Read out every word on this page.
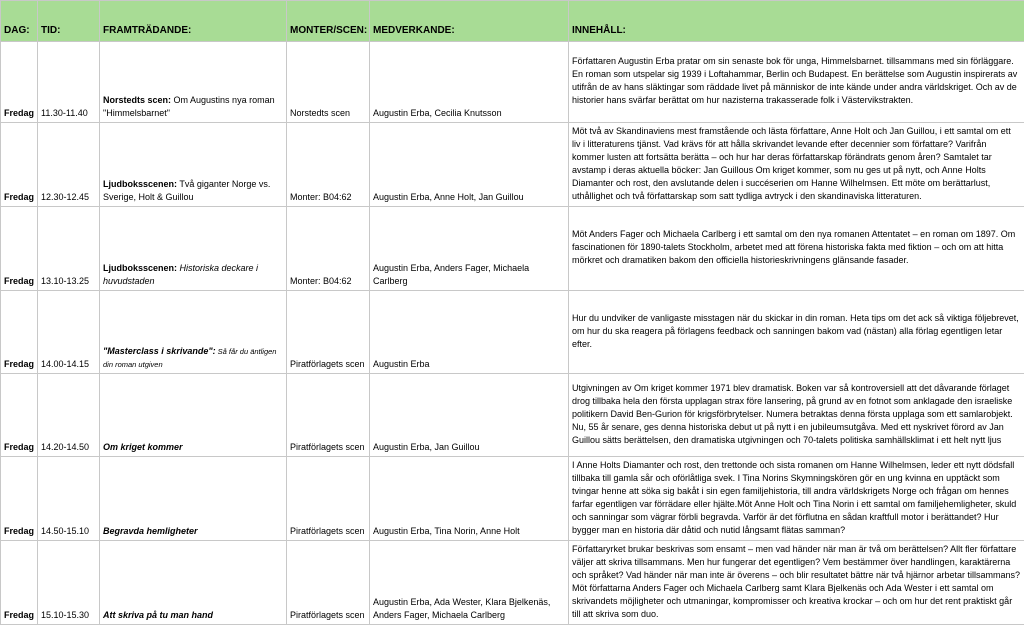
DAG:	TID:	FRAMTRÄDANDE:	MONTER/SCEN:	MEDVERKANDE:	INNEHÅLL:
Fredag	11.30-11.40	Norstedts scen: Om Augustins nya roman "Himmelsbarnet"	Norstedts scen	Augustin Erba, Cecilia Knutsson	Författaren Augustin Erba pratar om sin senaste bok för unga, Himmelsbarnet. tillsammans med sin förläggare. En roman som utspelar sig 1939 i Loftahammar, Berlin och Budapest. En berättelse som Augustin inspirerats av utifrån de av hans släktingar som räddade livet på människor de inte kände under andra världskriget. Och av de historier hans svärfar berättat om hur nazisterna trakasserade folk i Västervikstrakten.
Fredag	12.30-12.45	Ljudboksscenen: Två giganter Norge vs. Sverige, Holt & Guillou	Monter: B04:62	Augustin Erba, Anne Holt, Jan Guillou	Möt två av Skandinaviens mest framstående och lästa författare, Anne Holt och Jan Guillou, i ett samtal om ett liv i litteraturens tjänst. Vad krävs för att hålla skrivandet levande efter decennier som författare? Varifrån kommer lusten att fortsätta berätta – och hur har deras författarskap förändrats genom åren? Samtalet tar avstamp i deras aktuella böcker: Jan Guillous Om kriget kommer, som nu ges ut på nytt, och Anne Holts Diamanter och rost, den avslutande delen i succéserien om Hanne Wilhelmsen. Ett möte om berättarlust, uthållighet och två författarskap som satt tydliga avtryck i den skandinaviska litteraturen.
Fredag	13.10-13.25	Ljudboksscenen: Historiska deckare i huvudstaden	Monter: B04:62	Augustin Erba, Anders Fager, Michaela Carlberg	Möt Anders Fager och Michaela Carlberg i ett samtal om den nya romanen Attentatet – en roman om 1897. Om fascinationen för 1890-talets Stockholm, arbetet med att förena historiska fakta med fiktion – och om att hitta mörkret och dramatiken bakom den officiella historieskrivningens glänsande fasader.
Fredag	14.00-14.15	"Masterclass i skrivande": Så får du äntligen din roman utgiven	Piratförlagets scen	Augustin Erba	Hur du undviker de vanligaste misstagen när du skickar in din roman. Heta tips om det ack så viktiga följebrevet, om hur du ska reagera på förlagens feedback och sanningen bakom vad (nästan) alla förlag egentligen letar efter.
Fredag	14.20-14.50	Om kriget kommer	Piratförlagets scen	Augustin Erba, Jan Guillou	Utgivningen av Om kriget kommer 1971 blev dramatisk. Boken var så kontroversiell att det dåvarande förlaget drog tillbaka hela den första upplagan strax före lansering, på grund av en fotnot som anklagade den israeliske politikern David Ben-Gurion för krigsförbrytelser. Numera betraktas denna första upplaga som ett samlarobjekt. Nu, 55 år senare, ges denna historiska debut ut på nytt i en jubileumsutgåva. Med ett nyskrivet förord av Jan Guillou sätts berättelsen, den dramatiska utgivningen och 70-talets politiska samhällsklimat i ett helt nytt ljus
Fredag	14.50-15.10	Begravda hemligheter	Piratförlagets scen	Augustin Erba, Tina Norin, Anne Holt	I Anne Holts Diamanter och rost, den trettonde och sista romanen om Hanne Wilhelmsen, leder ett nytt dödsfall tillbaka till gamla sår och oförlåtliga svek. I Tina Norins Skymningskören gör en ung kvinna en upptäckt som tvingar henne att söka sig bakåt i sin egen familjehistoria, till andra världskrigets Norge och frågan om hennes farfar egentligen var förrädare eller hjälte.Möt Anne Holt och Tina Norin i ett samtal om familjehemligheter, skuld och sanningar som vägrar förbli begravda. Varför är det förflutna en sådan kraftfull motor i berättandet? Hur bygger man en historia där dåtid och nutid långsamt flätas samman?
Fredag	15.10-15.30	Att skriva på tu man hand	Piratförlagets scen	Augustin Erba, Ada Wester, Klara Bjelkenäs, Anders Fager, Michaela Carlberg	Författaryrket brukar beskrivas som ensamt – men vad händer när man är två om berättelsen? Allt fler författare väljer att skriva tillsammans. Men hur fungerar det egentligen? Vem bestämmer över handlingen, karaktärerna och språket? Vad händer när man inte är överens – och blir resultatet bättre när två hjärnor arbetar tillsammans? Möt författarna Anders Fager och Michaela Carlberg samt Klara Bjelkenäs och Ada Wester i ett samtal om skrivandets möjligheter och utmaningar, kompromisser och kreativa krockar – och om hur det rent praktiskt går till att skriva som duo.
